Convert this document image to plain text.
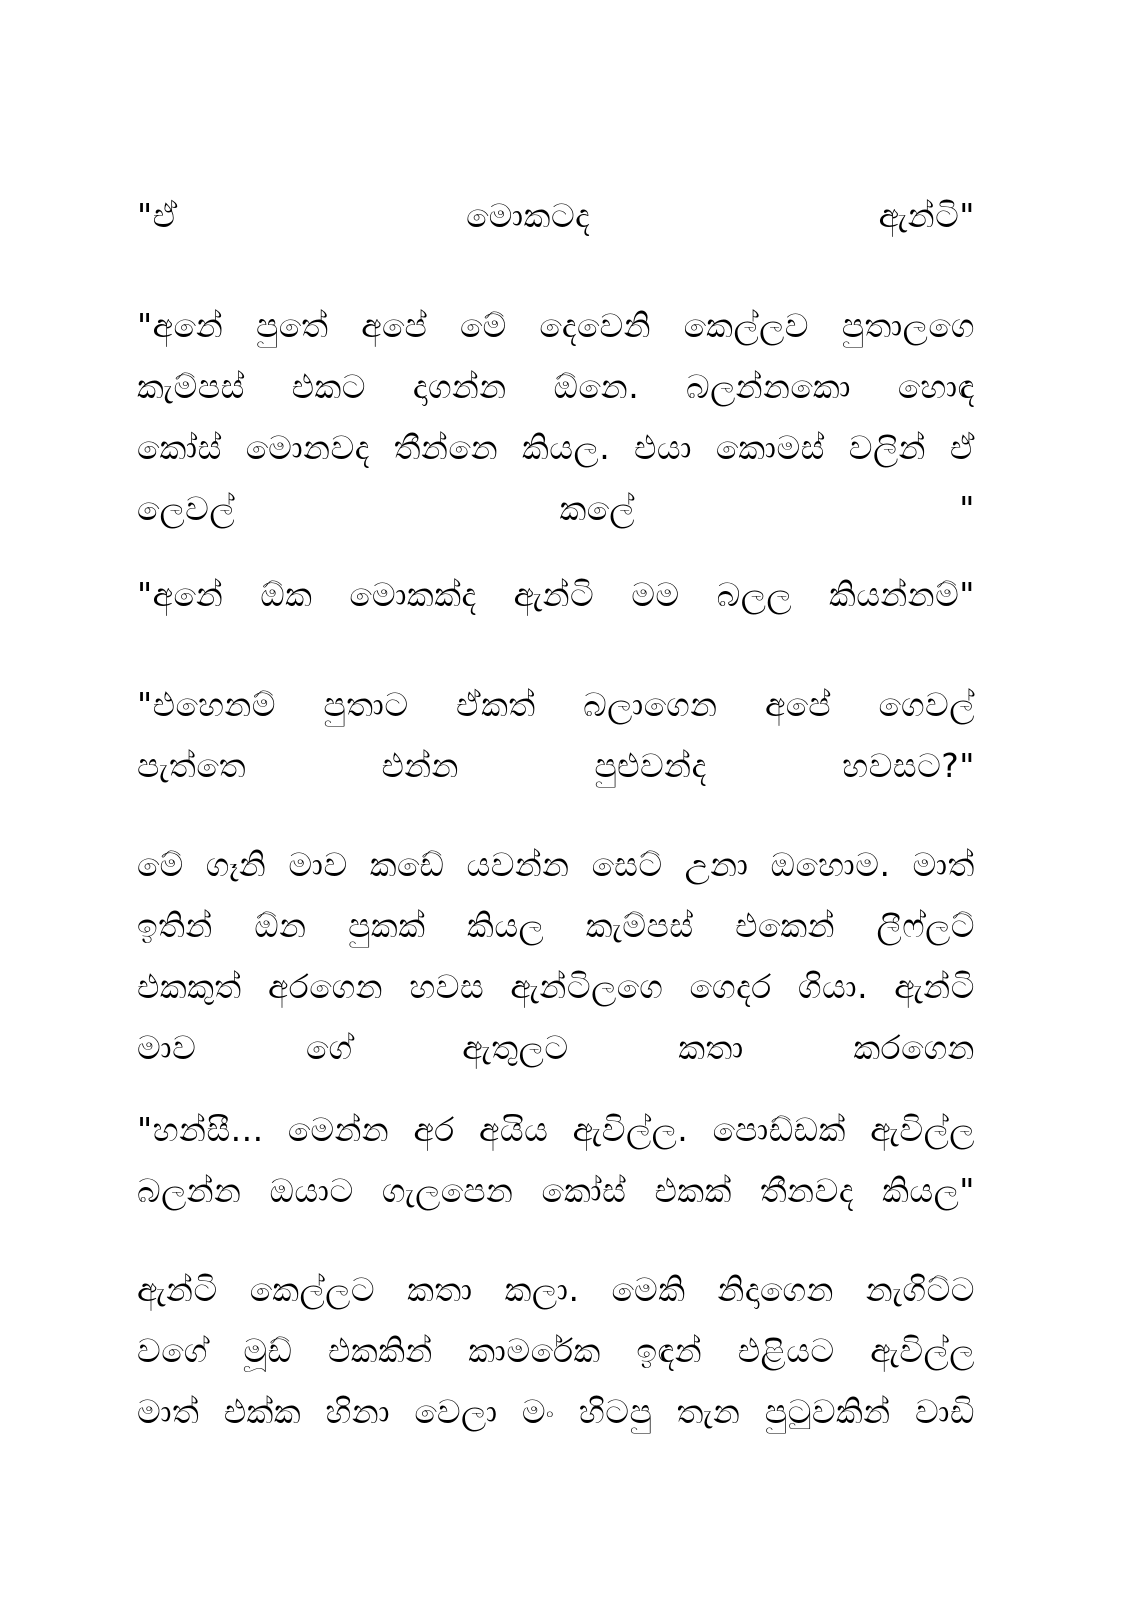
"ඒ	මොකටද	ඇන්ටි"
"අනේ පුතේ අපේ මේ දෙවෙනි කෙල්ලව පුතාලගෙ
කැම්පස් එකට දාගන්න ඕනෙ. බලන්නකො හොඳ
කෝස් මොනවද තීන්නෙ කියල. එයා කොමස් වලින් ඒ
ලෙවල්	කලේ	"
"අනේ ඕක මොකක්ද ඇන්ටි මම බලල කියන්නම්"
"එහෙනම් පුතාට ඒකත් බලාගෙන අපේ ගෙවල්
පැත්තෙ	එන්න	පුළුවන්ද	හවසට?"
මේ ගෑනි මාව කඩේ යවන්න සෙට් උනා ඔහොම. මාත්
ඉතින් ඕන පුකක් කියල කැම්පස් එකෙන් ලීෆ්ලට්
එකකුත් අරගෙන හවස ඇන්ටිලගෙ ගෙදර ගියා. ඇන්ටි
මාව	ගේ	ඇතුලට	කතා	කරගෙන
"හන්සී... මෙන්න අර අයිය ඇවිල්ල. පොඩ්ඩක් ඇවිල්ල
බලන්න ඔයාට ගැලපෙන කෝස් එකක් තීනවද කියල"
ඇන්ටි කෙල්ලට කතා කලා. මෙකි නිදාගෙන නැගිට්ට
වගේ මූඩ් එකකින් කාමරේක ඉඳන් එළියට ඇවිල්ල
මාත් එක්ක හිනා වෙලා මං හිටපු තැන පුටුවකින් වාඩි
